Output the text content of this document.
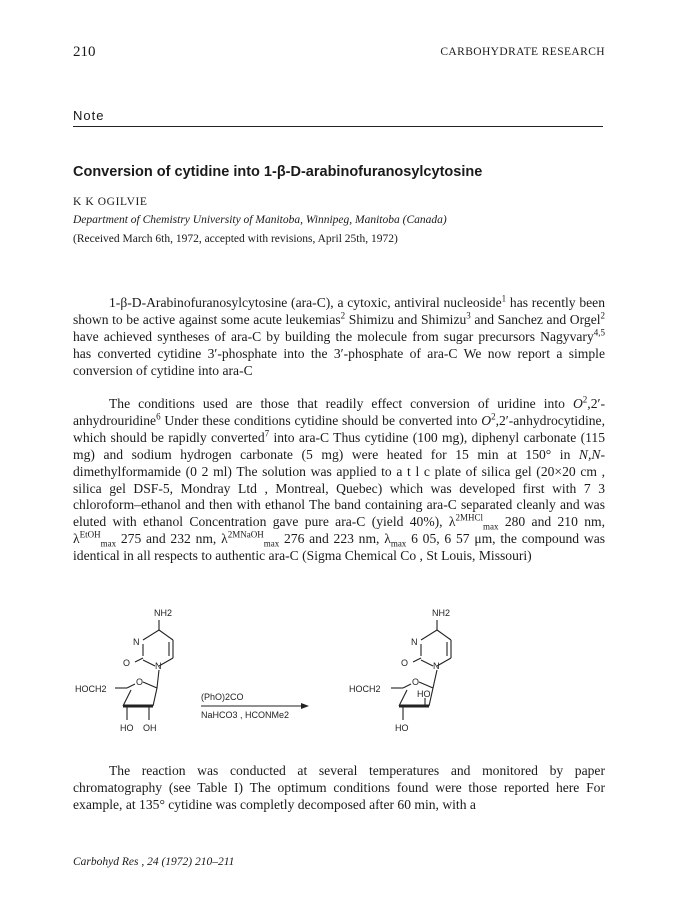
210	CARBOHYDRATE RESEARCH
Note
Conversion of cytidine into 1-β-D-arabinofuranosylcytosine
K K OGILVIE
Department of Chemistry University of Manitoba, Winnipeg, Manitoba (Canada)
(Received March 6th, 1972, accepted with revisions, April 25th, 1972)

1-β-D-Arabinofuranosylcytosine (ara-C), a cytoxic, antiviral nucleoside$^1$ has recently been shown to be active against some acute leukemias$^2$ Shimizu and Shimizu$^3$ and Sanchez and Orgel$^2$ have achieved syntheses of ara-C by building the molecule from sugar precursors Nagyvary$^{4,5}$ has converted cytidine 3′-phosphate into the 3′-phosphate of ara-C We now report a simple conversion of cytidine into ara-C

The conditions used are those that readily effect conversion of uridine into $O^2,2'-anhydrouridine^6$ Under these conditions cytidine should be converted into $O^2,2'$-anhydrocytidine, which should be rapidly converted$^7$ into ara-C Thus cytidine (100 mg), diphenyl carbonate (115 mg) and sodium hydrogen carbonate (5 mg) were heated for 15 min at 150° in N,N-dimethylformamide (0 2 ml) The solution was applied to a t l c plate of silica gel (20×20 cm , silica gel DSF-5, Mondray Ltd , Montreal, Quebec) which was developed first with 7 3 chloroform–ethanol and then with ethanol The band containing ara-C separated cleanly and was eluted with ethanol Concentration gave pure ara-C (yield 40%), $\lambda^{2MHCl}_{max}$ 280 and 210 nm, $\lambda^{EtOH}_{max}$ 275 and 232 nm, $\lambda^{2MNaOH}_{max}$ 276 and 223 nm, $\lambda_{max}$ 6 05, 6 57 μm, the compound was identical in all respects to authentic ara-C (Sigma Chemical Co , St Louis, Missouri)

NH2
N
O	N
HOCH2
O
HO OH
(PhO)2CO
NaHCO3 , HCONMe2
NH2
N
O	N
HOCH2
O
HO
HO

The reaction was conducted at several temperatures and monitored by paper chromatography (see Table I) The optimum conditions found were those reported here For example, at 135° cytidine was completly decomposed after 60 min, with a

Carbohyd Res , 24 (1972) 210–211
